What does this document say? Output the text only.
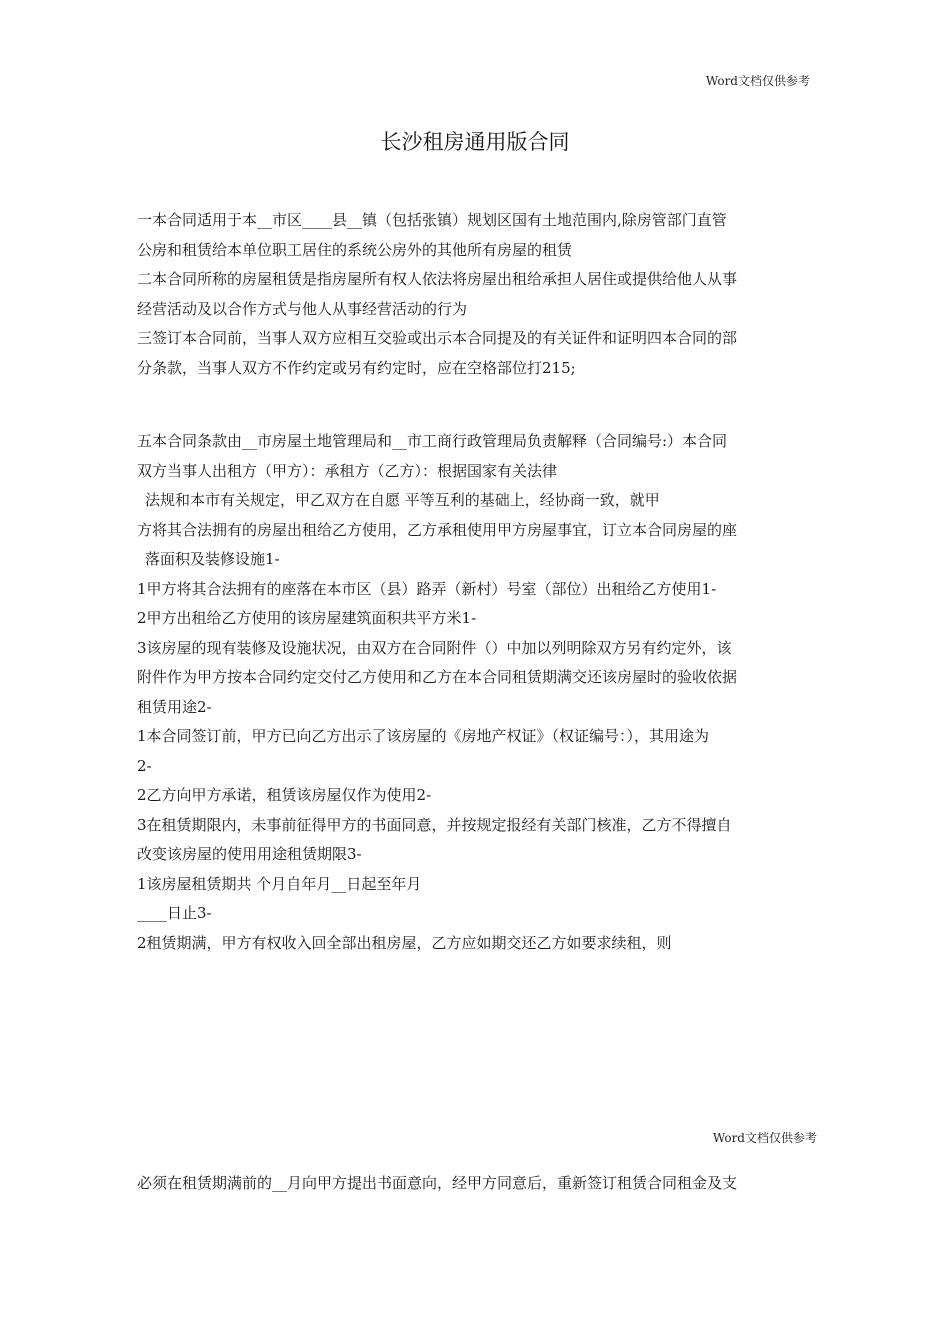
Word文档仅供参考
长沙租房通用版合同
一本合同适用于本__市区____县__镇（包括张镇）规划区国有土地范围内,除房管部门直管
公房和租赁给本单位职工居住的系统公房外的其他所有房屋的租赁
二本合同所称的房屋租赁是指房屋所有权人依法将房屋出租给承担人居住或提供给他人从事
经营活动及以合作方式与他人从事经营活动的行为
三签订本合同前，当事人双方应相互交验或出示本合同提及的有关证件和证明四本合同的部
分条款，当事人双方不作约定或另有约定时，应在空格部位打215;
五本合同条款由__市房屋土地管理局和__市工商行政管理局负责解释（合同编号:）本合同
双方当事人出租方（甲方）：承租方（乙方）：根据国家有关法律
法规和本市有关规定，甲乙双方在自愿 平等互利的基础上，经协商一致，就甲
方将其合法拥有的房屋出租给乙方使用，乙方承租使用甲方房屋事宜，订立本合同房屋的座
落面积及装修设施1-
1甲方将其合法拥有的座落在本市区（县）路弄（新村）号室（部位）出租给乙方使用1-
2甲方出租给乙方使用的该房屋建筑面积共平方米1-
3该房屋的现有装修及设施状况，由双方在合同附件（）中加以列明除双方另有约定外，该
附件作为甲方按本合同约定交付乙方使用和乙方在本合同租赁期满交还该房屋时的验收依据
租赁用途2-
1本合同签订前，甲方已向乙方出示了该房屋的《房地产权证》（权证编号：），其用途为
2-
2乙方向甲方承诺，租赁该房屋仅作为使用2-
3在租赁期限内，未事前征得甲方的书面同意，并按规定报经有关部门核准，乙方不得擅自
改变该房屋的使用用途租赁期限3-
1该房屋租赁期共 个月自年月__日起至年月
____日止3-
2租赁期满，甲方有权收入回全部出租房屋，乙方应如期交还乙方如要求续租，则
Word文档仅供参考
必须在租赁期满前的__月向甲方提出书面意向，经甲方同意后，重新签订租赁合同租金及支
